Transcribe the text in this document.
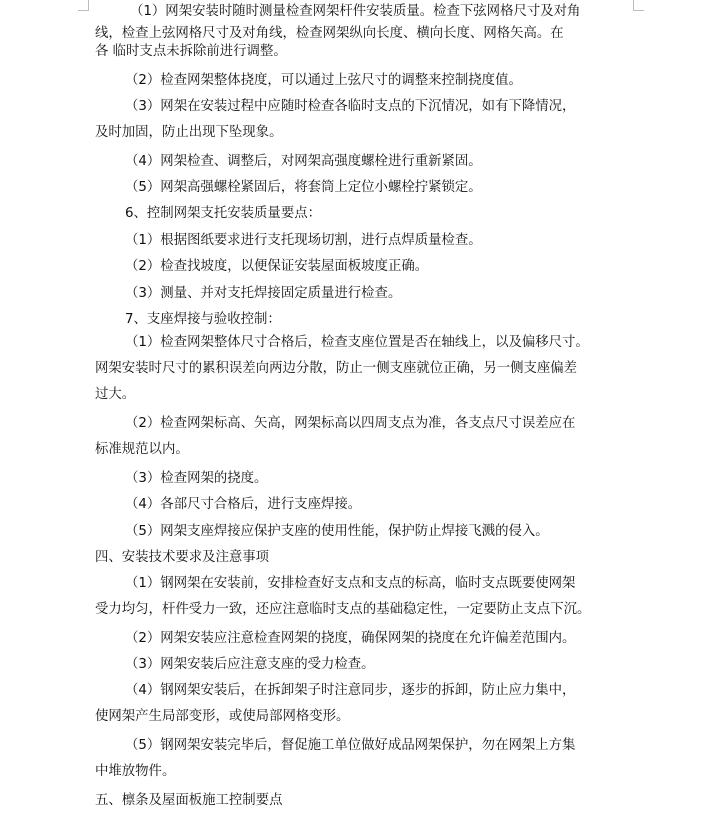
（1）网架安装时随时测量检查网架杆件安装质量。检查下弦网格尺寸及对角
线，检查上弦网格尺寸及对角线，检查网架纵向长度、横向长度、网格矢高。在
各 临时支点未拆除前进行调整。
（2）检查网架整体挠度，可以通过上弦尺寸的调整来控制挠度值。
（3）网架在安装过程中应随时检查各临时支点的下沉情况，如有下降情况，
及时加固，防止出现下坠现象。
（4）网架检查、调整后，对网架高强度螺栓进行重新紧固。
（5）网架高强螺栓紧固后，将套筒上定位小螺栓拧紧锁定。
6、控制网架支托安装质量要点：
（1）根据图纸要求进行支托现场切割，进行点焊质量检查。
（2）检查找坡度，以便保证安装屋面板坡度正确。
（3）测量、并对支托焊接固定质量进行检查。
7、支座焊接与验收控制：
（1）检查网架整体尺寸合格后，检查支座位置是否在轴线上，以及偏移尺寸。
网架安装时尺寸的累积误差向两边分散，防止一侧支座就位正确，另一侧支座偏差
过大。
（2）检查网架标高、矢高，网架标高以四周支点为准，各支点尺寸误差应在
标准规范以内。
（3）检查网架的挠度。
（4）各部尺寸合格后，进行支座焊接。
（5）网架支座焊接应保护支座的使用性能，保护防止焊接飞溅的侵入。
四、安装技术要求及注意事项
（1）钢网架在安装前，安排检查好支点和支点的标高，临时支点既要使网架
受力均匀，杆件受力一致，还应注意临时支点的基础稳定性，一定要防止支点下沉。
（2）网架安装应注意检查网架的挠度，确保网架的挠度在允许偏差范围内。
（3）网架安装后应注意支座的受力检查。
（4）钢网架安装后，在拆卸架子时注意同步，逐步的拆卸，防止应力集中，
使网架产生局部变形，或使局部网格变形。
（5）钢网架安装完毕后，督促施工单位做好成品网架保护，勿在网架上方集
中堆放物件。
五、檩条及屋面板施工控制要点
